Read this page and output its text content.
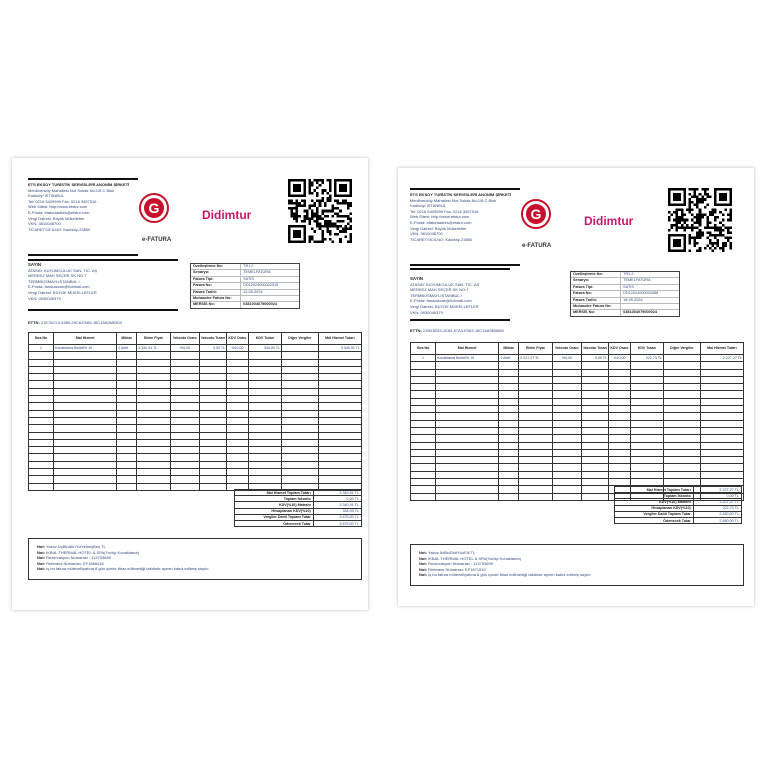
ETS EKSOY TURİSTİK SERVİSLERİ ANONİM ŞİRKETİ
Merdivenköy Mahallesi Nur Sokak No:1/8 C Blok
Kadıköy/ İSTANBUL
Tel: 0216 5429999 Fax: 0216 3457516
Web Sitesi: http://www.etstur.com
E-Posta: efaturaadres@etstur.com
Vergi Dairesi: Büyük Mükellefler
VKN: 3810046700
TİCARETSİCİLNO: Kadıköy-23850
G
e-FATURA
Didimtur
SAYIN
ATASAY KUYUMCULUK SAN. TİC. AŞ
MERKEZ MAH SEÇER SK NO:7
TERMBOSMAYLISTANBUL /
E-Posta: farukakcan@hotmail.com
Vergi Dairesi: BÜYÜK MÜKELLEFLER
VKN: 0930046379
Özelleştirme No:	TR1.2
Senaryo:	TEMELFATURA
Fatura Tipi:	SATIS
Fatura No:	DD12024000002315
Fatura Tarihi:	12-09-2024
Muhasebe Fatura No:	
MERSİS No:	0381004079000024
ETTN: 21E76C24-9380-29C8-E065-16C15A9M0303
Sıra No	Mal Hizmet	Miktar	Birim Fiyat	İskonto Oranı	İskonto Tutarı	KDV Oranı	KDV Tutarı	Diğer Vergiler	Mal Hizmet Tutarı
1	Konaklama Bedeli% 10	1 Adet	3.340,91 TL	%0,00	0,00 TL	%10,00	334,09 TL		3.340,91 TL

Mal Hizmet Toplam Tutarı	3.340,91 TL
Toplam İskonto	0,00 TL
KDV(%10) Matrahı	3.340,91 TL
Hesaplanan KDV(%10)	334,09 TL
Vergiler Dahil Toplam Tutar	3.675,00 TL
Ödenecek Tutar	3.675,00 TL
Not: Yalnız ÜçBinAltıYüzYetmişBeş TL
Not: İKBAL THERMAL HOTEL & SPA(Yurtiçi Konaklama)
Not: Rezervasyon Numarası : 113753885
Not: Referans Numarası: EF1866416
Not: İş bu fatura mütevelliyatına 8 gün içinde itiraz edilmediği takdirde aynen kabul edilmiş sayılır.
ETS EKSOY TURİSTİK SERVİSLERİ ANONİM ŞİRKETİ
Merdivenköy Mahallesi Nur Sokak No:1/8 C Blok
Kadıköy/ İSTANBUL
Tel: 0216 5429999 Fax: 0216 3457516
Web Sitesi: http://www.etstur.com
E-Posta: efaturaadres@etstur.com
Vergi Dairesi: Büyük Mükellefler
VKN: 3810046700
TİCARETSİCİLNO: Kadıköy-23850
G
e-FATURA
Didimtur
SAYIN
ATASAY KUYUMCULUK SAN. TİC. AŞ
MERKEZ MAH SEÇER SK NO:7
TERMBOSMAYLISTANBUL /
E-Posta: farukakcan@hotmail.com
Vergi Dairesi: BÜYÜK MÜKELLEFLER
VKN: 0930046379
Özelleştirme No:	TR1.2
Senaryo:	TEMELFATURA
Fatura Tipi:	SATIS
Fatura No:	DD12024000000388
Fatura Tarihi:	18-09-2024
Muhasebe Fatura No:	
MERSİS No:	0381004079000024
ETTN: 21B03E53-1E83-87A3-E063-16C15A9M0860
Sıra No	Mal Hizmet	Miktar	Birim Fiyat	İskonto Oranı	İskonto Tutarı	KDV Oranı	KDV Tutarı	Diğer Vergiler	Mal Hizmet Tutarı
1	Konaklama Bedeli% 10	1 Adet	2.227,27 TL	%0,00	0,00 TL	%10,00	222,73 TL		2.227,27 TL

Mal Hizmet Toplam Tutarı	2.227,27 TL
Toplam İskonto	0,00 TL
KDV(%10) Matrahı	2.227,27 TL
Hesaplanan KDV(%10)	222,73 TL
Vergiler Dahil Toplam Tutar	2.450,00 TL
Ödenecek Tutar	2.450,00 TL
Not: Yalnız İkiBinDörtYüzElli TL
Not: İKBAL THERMAL HOTEL & SPA(Yurtiçi Konaklama)
Not: Rezervasyon Numarası : 113753690
Not: Referans Numarası: EF1871510
Not: İş bu fatura mütevelliyatına 8 gün içinde itiraz edilmediği takdirde aynen kabul edilmiş sayılır.
